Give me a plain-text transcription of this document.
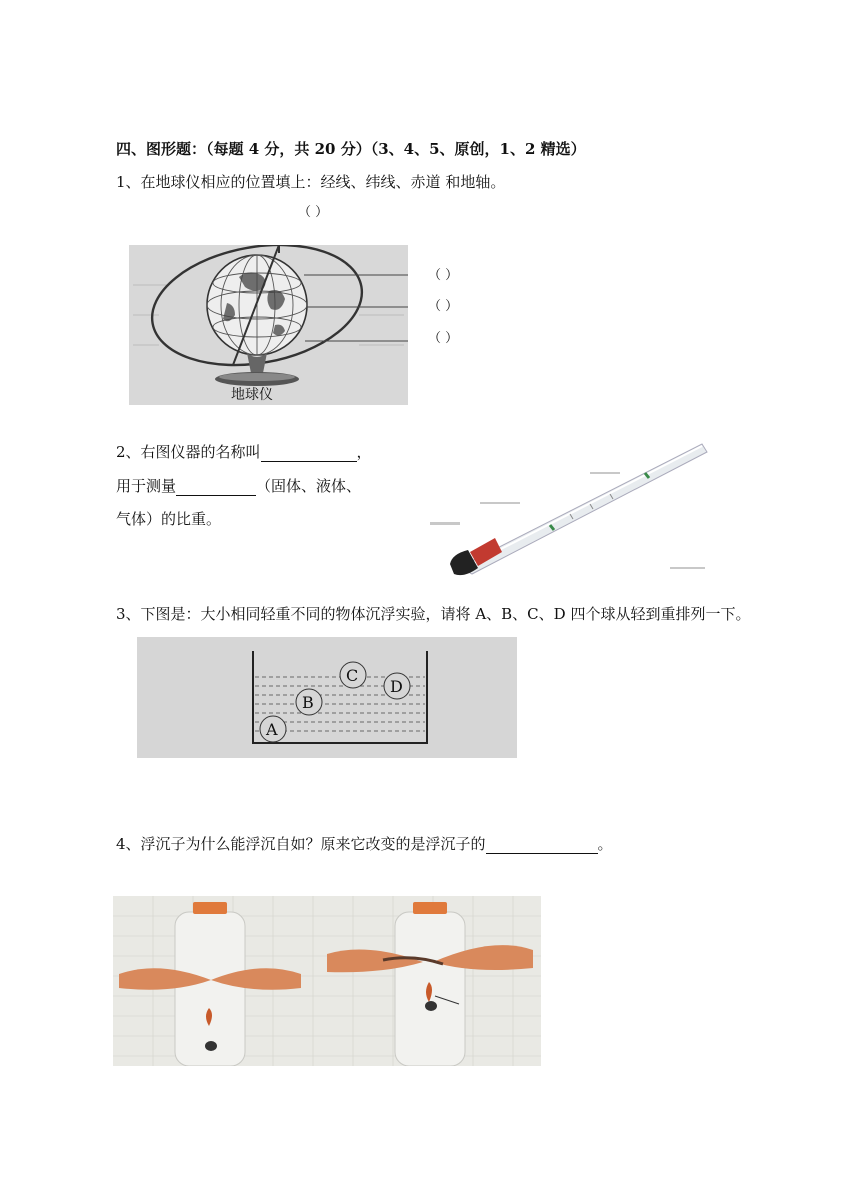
四、图形题：（每题 4 分，共 20 分）（3、4、5、原创，1、2 精选）
1、在地球仪相应的位置填上：经线、纬线、赤道 和地轴。
（ ）
地球仪
（ ）
（ ）
（ ）
2、右图仪器的名称叫	，
用于测量	（固体、液体、
气体）的比重。
3、下图是：大小相同轻重不同的物体沉浮实验，请将 A、B、C、D 四个球从轻到重排列一下。
A
B
C
D
4、浮沉子为什么能浮沉自如？原来它改变的是浮沉子的	。
